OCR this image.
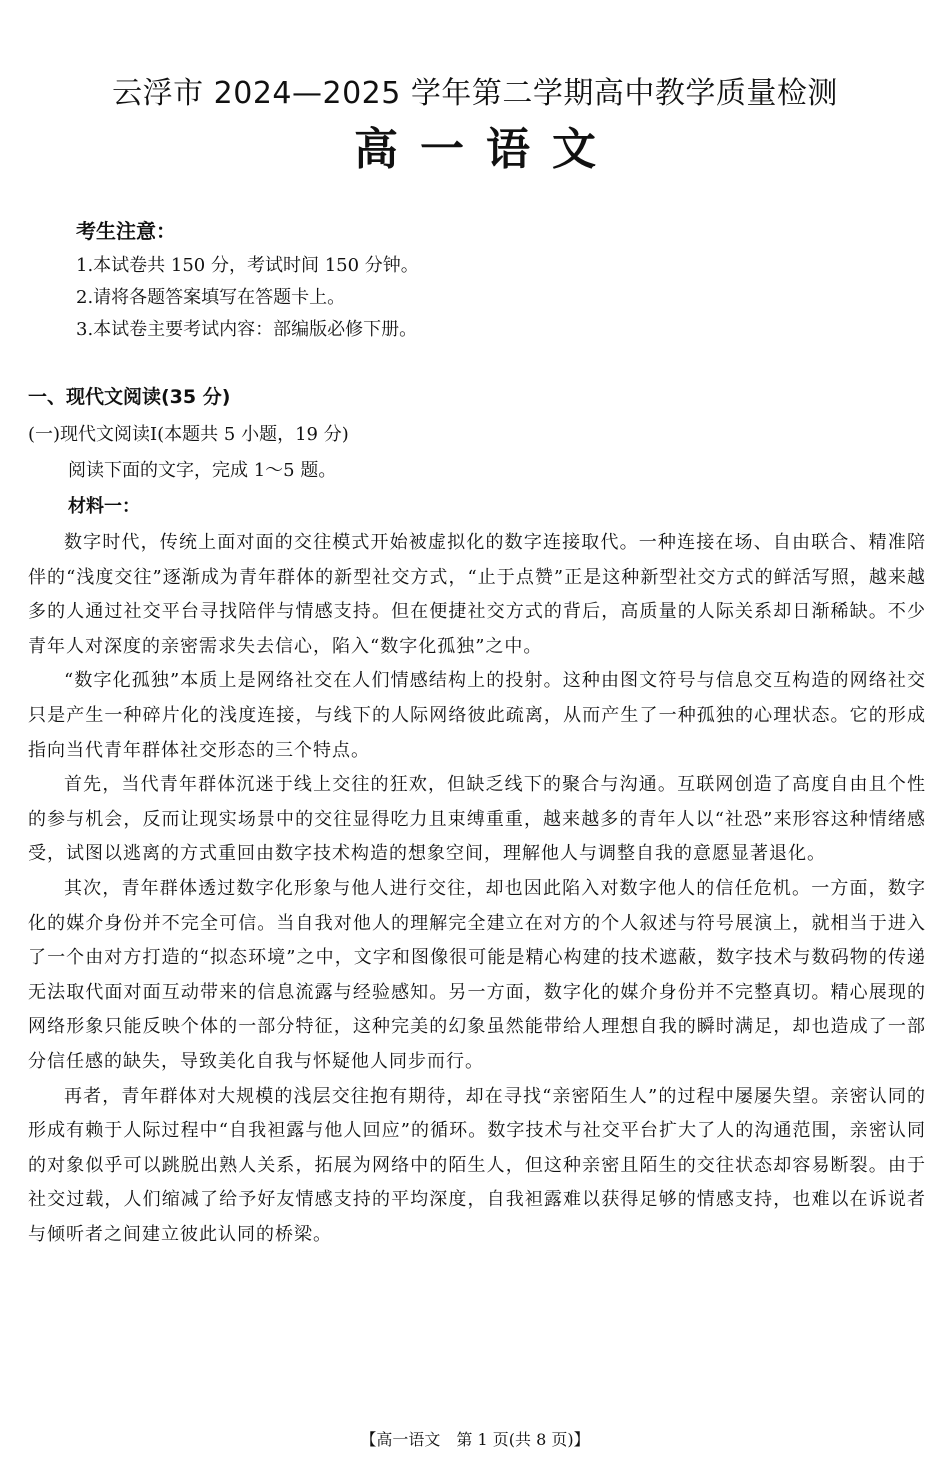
云浮市 2024—2025 学年第二学期高中教学质量检测
高一语文
考生注意：
1.本试卷共 150 分，考试时间 150 分钟。
2.请将各题答案填写在答题卡上。
3.本试卷主要考试内容：部编版必修下册。
一、现代文阅读(35 分)
(一)现代文阅读Ⅰ(本题共 5 小题，19 分)
阅读下面的文字，完成 1～5 题。
材料一：

数字时代，传统上面对面的交往模式开始被虚拟化的数字连接取代。一种连接在场、自由联合、精准陪伴的“浅度交往”逐渐成为青年群体的新型社交方式，“止于点赞”正是这种新型社交方式的鲜活写照，越来越多的人通过社交平台寻找陪伴与情感支持。但在便捷社交方式的背后，高质量的人际关系却日渐稀缺。不少青年人对深度的亲密需求失去信心，陷入“数字化孤独”之中。

“数字化孤独”本质上是网络社交在人们情感结构上的投射。这种由图文符号与信息交互构造的网络社交只是产生一种碎片化的浅度连接，与线下的人际网络彼此疏离，从而产生了一种孤独的心理状态。它的形成指向当代青年群体社交形态的三个特点。

首先，当代青年群体沉迷于线上交往的狂欢，但缺乏线下的聚合与沟通。互联网创造了高度自由且个性的参与机会，反而让现实场景中的交往显得吃力且束缚重重，越来越多的青年人以“社恐”来形容这种情绪感受，试图以逃离的方式重回由数字技术构造的想象空间，理解他人与调整自我的意愿显著退化。

其次，青年群体透过数字化形象与他人进行交往，却也因此陷入对数字他人的信任危机。一方面，数字化的媒介身份并不完全可信。当自我对他人的理解完全建立在对方的个人叙述与符号展演上，就相当于进入了一个由对方打造的“拟态环境”之中，文字和图像很可能是精心构建的技术遮蔽，数字技术与数码物的传递无法取代面对面互动带来的信息流露与经验感知。另一方面，数字化的媒介身份并不完整真切。精心展现的网络形象只能反映个体的一部分特征，这种完美的幻象虽然能带给人理想自我的瞬时满足，却也造成了一部分信任感的缺失，导致美化自我与怀疑他人同步而行。

再者，青年群体对大规模的浅层交往抱有期待，却在寻找“亲密陌生人”的过程中屡屡失望。亲密认同的形成有赖于人际过程中“自我袒露与他人回应”的循环。数字技术与社交平台扩大了人的沟通范围，亲密认同的对象似乎可以跳脱出熟人关系，拓展为网络中的陌生人，但这种亲密且陌生的交往状态却容易断裂。由于社交过载，人们缩减了给予好友情感支持的平均深度，自我袒露难以获得足够的情感支持，也难以在诉说者与倾听者之间建立彼此认同的桥梁。

【高一语文　第 1 页(共 8 页)】
